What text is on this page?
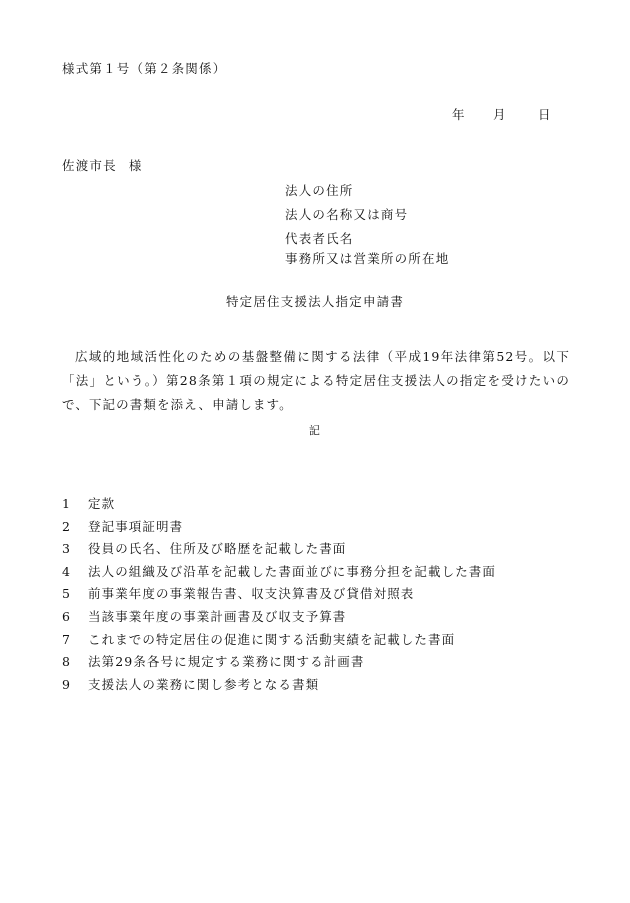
様式第１号（第２条関係）
年 月	日
佐渡市長 様
法人の住所
法人の名称又は商号
代表者氏名
事務所又は営業所の所在地
特定居住支援法人指定申請書
広域的地域活性化のための基盤整備に関する法律（平成19年法律第52号。以下「法」という。）第28条第１項の規定による特定居住支援法人の指定を受けたいので、下記の書類を添え、申請します。
記
1 定款
2 登記事項証明書
3 役員の氏名、住所及び略歴を記載した書面
4 法人の組織及び沿革を記載した書面並びに事務分担を記載した書面
5 前事業年度の事業報告書、収支決算書及び貸借対照表
6 当該事業年度の事業計画書及び収支予算書
7 これまでの特定居住の促進に関する活動実績を記載した書面
8 法第29条各号に規定する業務に関する計画書
9 支援法人の業務に関し参考となる書類
